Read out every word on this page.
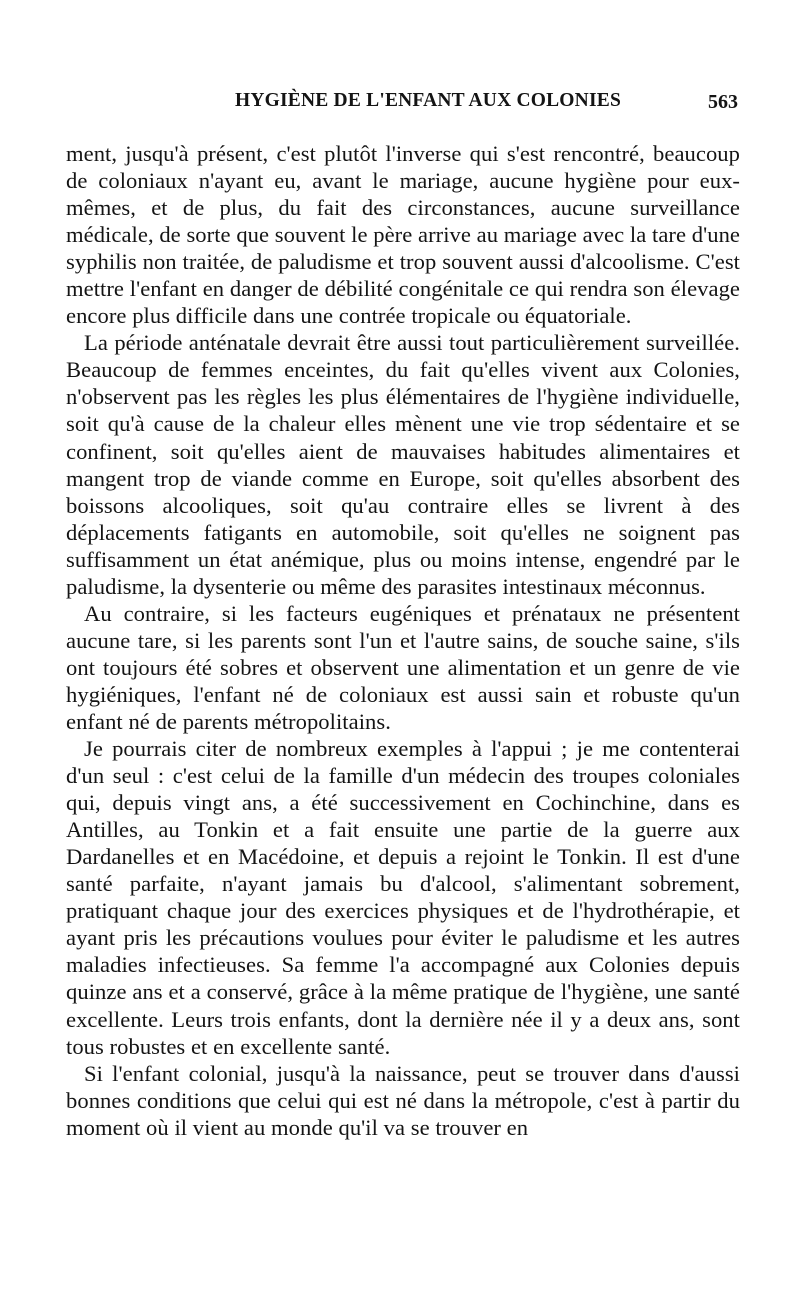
HYGIÈNE DE L'ENFANT AUX COLONIES	563

ment, jusqu'à présent, c'est plutôt l'inverse qui s'est rencontré, beaucoup de coloniaux n'ayant eu, avant le mariage, aucune hygiène pour eux-mêmes, et de plus, du fait des circonstances, aucune surveillance médicale, de sorte que souvent le père arrive au mariage avec la tare d'une syphilis non traitée, de paludisme et trop souvent aussi d'alcoolisme. C'est mettre l'enfant en danger de débilité congénitale ce qui rendra son élevage encore plus difficile dans une contrée tropicale ou équatoriale.

La période anténatale devrait être aussi tout particulièrement surveillée. Beaucoup de femmes enceintes, du fait qu'elles vivent aux Colonies, n'observent pas les règles les plus élémentaires de l'hygiène individuelle, soit qu'à cause de la chaleur elles mènent une vie trop sédentaire et se confinent, soit qu'elles aient de mauvaises habitudes alimentaires et mangent trop de viande comme en Europe, soit qu'elles absorbent des boissons alcooliques, soit qu'au contraire elles se livrent à des déplacements fatigants en automobile, soit qu'elles ne soignent pas suffisamment un état anémique, plus ou moins intense, engendré par le paludisme, la dysenterie ou même des parasites intestinaux méconnus.

Au contraire, si les facteurs eugéniques et prénataux ne présentent aucune tare, si les parents sont l'un et l'autre sains, de souche saine, s'ils ont toujours été sobres et observent une alimentation et un genre de vie hygiéniques, l'enfant né de coloniaux est aussi sain et robuste qu'un enfant né de parents métropolitains.

Je pourrais citer de nombreux exemples à l'appui ; je me contenterai d'un seul : c'est celui de la famille d'un médecin des troupes coloniales qui, depuis vingt ans, a été successivement en Cochinchine, dans es Antilles, au Tonkin et a fait ensuite une partie de la guerre aux Dardanelles et en Macédoine, et depuis a rejoint le Tonkin. Il est d'une santé parfaite, n'ayant jamais bu d'alcool, s'alimentant sobrement, pratiquant chaque jour des exercices physiques et de l'hydrothérapie, et ayant pris les précautions voulues pour éviter le paludisme et les autres maladies infectieuses. Sa femme l'a accompagné aux Colonies depuis quinze ans et a conservé, grâce à la même pratique de l'hygiène, une santé excellente. Leurs trois enfants, dont la dernière née il y a deux ans, sont tous robustes et en excellente santé.

Si l'enfant colonial, jusqu'à la naissance, peut se trouver dans d'aussi bonnes conditions que celui qui est né dans la métropole, c'est à partir du moment où il vient au monde qu'il va se trouver en
